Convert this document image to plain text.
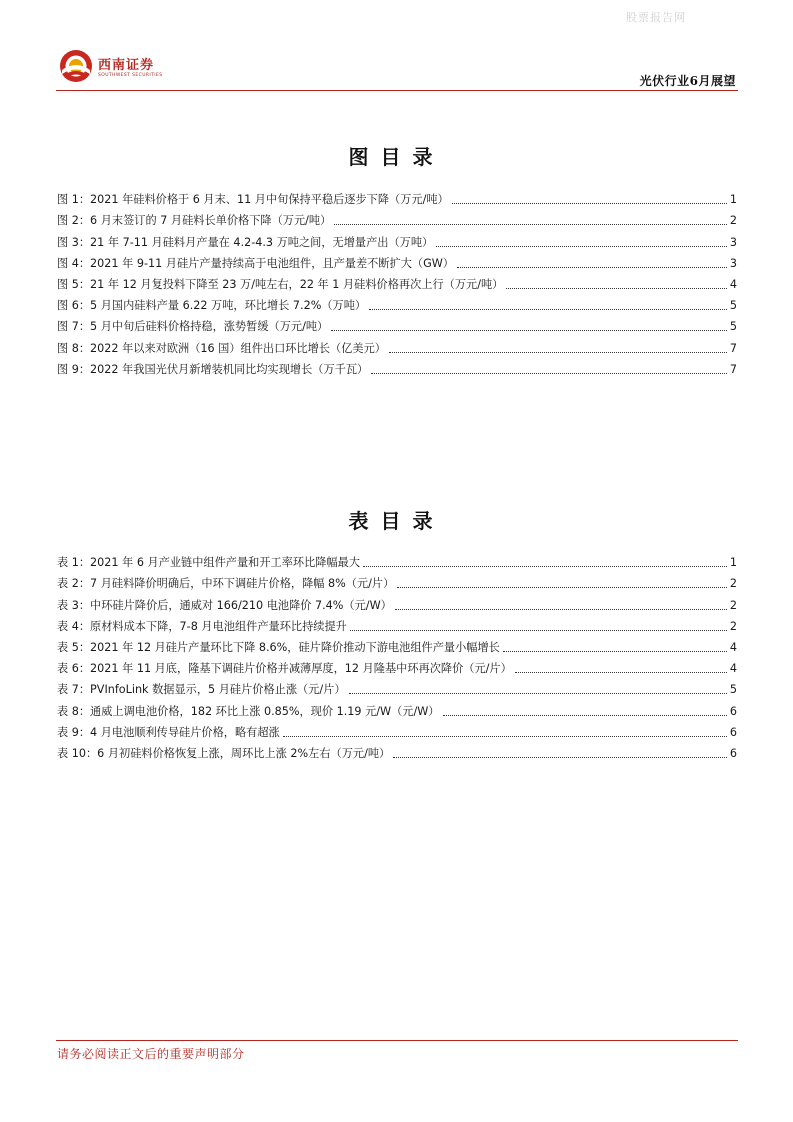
股票报告网
西南证券
SOUTHWEST SECURITIES	光伏行业6月展望
图目录
图 1：2021 年硅料价格于 6 月末、11 月中旬保持平稳后逐步下降（万元/吨）	1
图 2：6 月末签订的 7 月硅料长单价格下降（万元/吨）	2
图 3：21 年 7-11 月硅料月产量在 4.2-4.3 万吨之间，无增量产出（万吨）	3
图 4：2021 年 9-11 月硅片产量持续高于电池组件，且产量差不断扩大（GW）	3
图 5：21 年 12 月复投料下降至 23 万/吨左右，22 年 1 月硅料价格再次上行（万元/吨）	4
图 6：5 月国内硅料产量 6.22 万吨，环比增长 7.2%（万吨）	5
图 7：5 月中旬后硅料价格持稳，涨势暂缓（万元/吨）	5
图 8：2022 年以来对欧洲（16 国）组件出口环比增长（亿美元）	7
图 9：2022 年我国光伏月新增装机同比均实现增长（万千瓦）	7
表目录
表 1：2021 年 6 月产业链中组件产量和开工率环比降幅最大	1
表 2：7 月硅料降价明确后，中环下调硅片价格，降幅 8%（元/片）	2
表 3：中环硅片降价后，通威对 166/210 电池降价 7.4%（元/W）	2
表 4：原材料成本下降，7-8 月电池组件产量环比持续提升	2
表 5：2021 年 12 月硅片产量环比下降 8.6%，硅片降价推动下游电池组件产量小幅增长	4
表 6：2021 年 11 月底，隆基下调硅片价格并减薄厚度，12 月隆基中环再次降价（元/片）	4
表 7：PVInfoLink 数据显示，5 月硅片价格止涨（元/片）	5
表 8：通威上调电池价格，182 环比上涨 0.85%，现价 1.19 元/W（元/W）	6
表 9：4 月电池顺利传导硅片价格，略有超涨	6
表 10：6 月初硅料价格恢复上涨，周环比上涨 2%左右（万元/吨）	6
请务必阅读正文后的重要声明部分
